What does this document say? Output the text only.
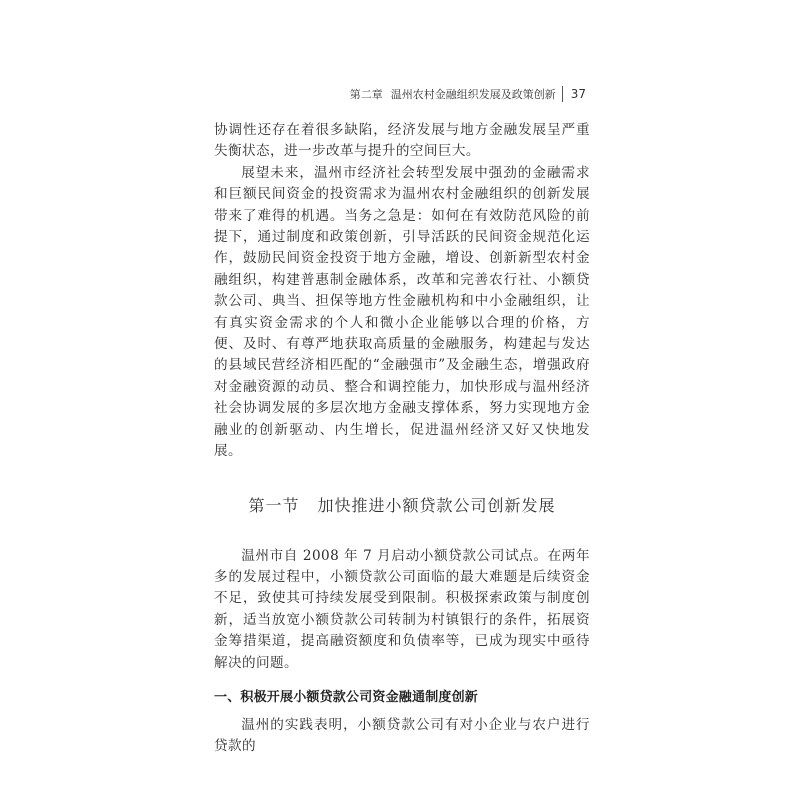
第二章 温州农村金融组织发展及政策创新 37

协调性还存在着很多缺陷，经济发展与地方金融发展呈严重失衡状态，进一步改革与提升的空间巨大。

展望未来，温州市经济社会转型发展中强劲的金融需求和巨额民间资金的投资需求为温州农村金融组织的创新发展带来了难得的机遇。当务之急是：如何在有效防范风险的前提下，通过制度和政策创新，引导活跃的民间资金规范化运作，鼓励民间资金投资于地方金融，增设、创新新型农村金融组织，构建普惠制金融体系，改革和完善农行社、小额贷款公司、典当、担保等地方性金融机构和中小金融组织，让有真实资金需求的个人和微小企业能够以合理的价格，方便、及时、有尊严地获取高质量的金融服务，构建起与发达的县域民营经济相匹配的“金融强市”及金融生态，增强政府对金融资源的动员、整合和调控能力，加快形成与温州经济社会协调发展的多层次地方金融支撑体系，努力实现地方金融业的创新驱动、内生增长，促进温州经济又好又快地发展。

第一节 加快推进小额贷款公司创新发展

温州市自 2008 年 7 月启动小额贷款公司试点。在两年多的发展过程中，小额贷款公司面临的最大难题是后续资金不足，致使其可持续发展受到限制。积极探索政策与制度创新，适当放宽小额贷款公司转制为村镇银行的条件，拓展资金筹措渠道，提高融资额度和负债率等，已成为现实中亟待解决的问题。

一、积极开展小额贷款公司资金融通制度创新

温州的实践表明，小额贷款公司有对小企业与农户进行贷款的
